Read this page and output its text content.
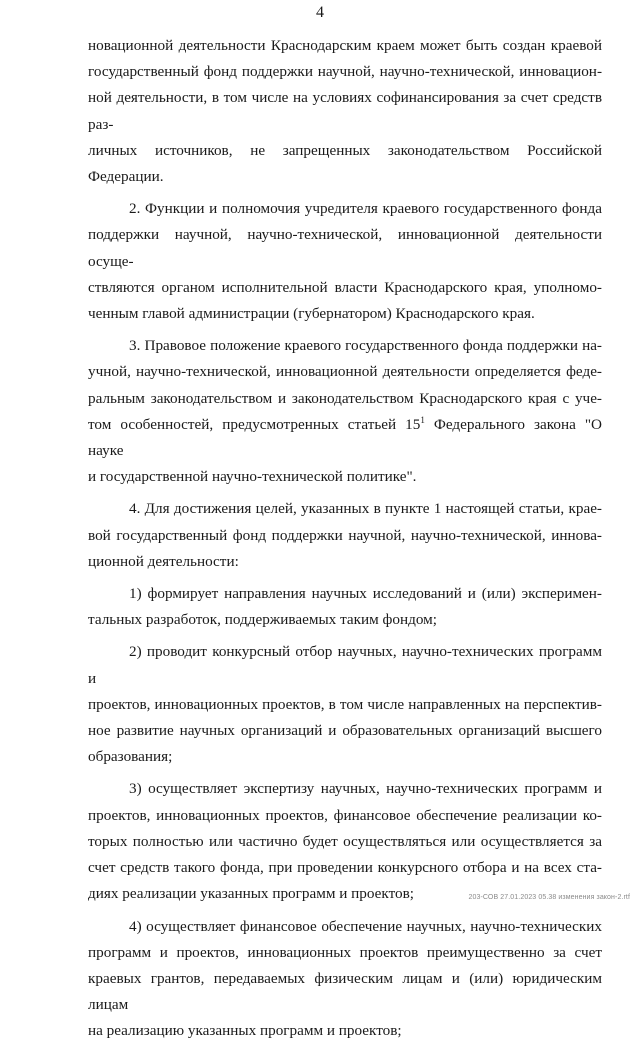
4

новационной деятельности Краснодарским краем может быть создан краевой
государственный фонд поддержки научной, научно-технической, инновацион-
ной деятельности, в том числе на условиях софинансирования за счет средств раз-
личных источников, не запрещенных законодательством Российской Федерации.

2. Функции и полномочия учредителя краевого государственного фонда
поддержки научной, научно-технической, инновационной деятельности осуще-
ствляются органом исполнительной власти Краснодарского края, уполномо-
ченным главой администрации (губернатором) Краснодарского края.

3. Правовое положение краевого государственного фонда поддержки на-
учной, научно-технической, инновационной деятельности определяется феде-
ральным законодательством и законодательством Краснодарского края с уче-
том особенностей, предусмотренных статьей $15^1$ Федерального закона "О науке
и государственной научно-технической политике".

4. Для достижения целей, указанных в пункте 1 настоящей статьи, крае-
вой государственный фонд поддержки научной, научно-технической, иннова-
ционной деятельности:

1) формирует направления научных исследований и (или) эксперимен-
тальных разработок, поддерживаемых таким фондом;

2) проводит конкурсный отбор научных, научно-технических программ и
проектов, инновационных проектов, в том числе направленных на перспектив-
ное развитие научных организаций и образовательных организаций высшего
образования;

3) осуществляет экспертизу научных, научно-технических программ и
проектов, инновационных проектов, финансовое обеспечение реализации ко-
торых полностью или частично будет осуществляться или осуществляется за
счет средств такого фонда, при проведении конкурсного отбора и на всех ста-
диях реализации указанных программ и проектов;

4) осуществляет финансовое обеспечение научных, научно-технических
программ и проектов, инновационных проектов преимущественно за счет
краевых грантов, передаваемых физическим лицам и (или) юридическим лицам
на реализацию указанных программ и проектов;

203-СОВ 27.01.2023 05.38 изменения закон-2.rtf
